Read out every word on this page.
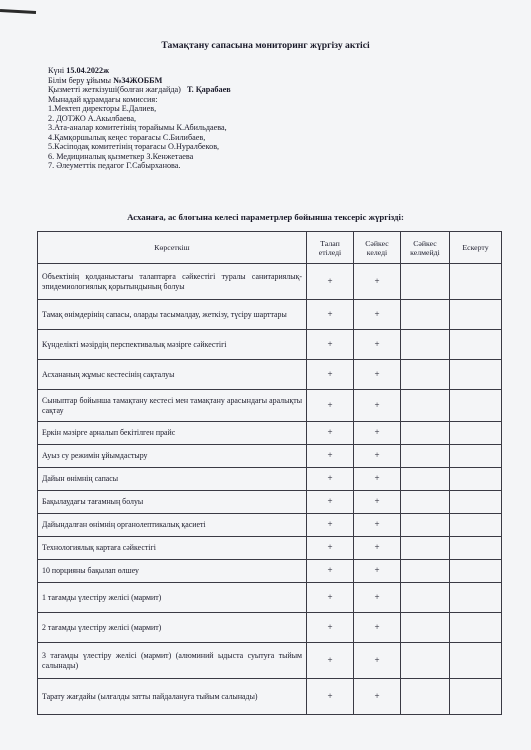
Тамақтану сапасына мониторинг жүргізу актісі
Күні 15.04.2022ж
Білім беру ұйымы №34ЖОББМ
Қызметті жеткізуші(болған жағдайда) Т. Қарабаев
Мынадай құрамдағы комиссия:
1.Мектеп директоры Е.Далиев,
2. ДОТЖО А.Акылбаева,
3.Ата-аналар комитетінің төрайымы К.Абильдаева,
4.Қамқоршылық кеңес төрағасы С.Билибаев,
5.Кәсіподақ комитетінің төрағасы О.Нуралбеков,
6. Медициналық қызметкер З.Кенжетаева
7. Әлеуметтік педагог Г.Сабырханова.
Асханаға, ас блогына келесі параметрлер бойынша тексеріс жүргізді:
Көрсеткіш	Талап етіледі	Сәйкес келеді	Сәйкес келмейді	Ескерту
Объектінің қолданыстағы талаптарға сәйкестігі туралы санитариялық-эпидемиологиялық қорытындының болуы	+	+		
Тамақ өнімдерінің сапасы, оларды тасымалдау, жеткізу, түсіру шарттары	+	+		
Күнделікті мәзірдің перспективалық мәзірге сәйкестігі	+	+		
Асхананың жұмыс кестесінің сақталуы	+	+		
Сыныптар бойынша тамақтану кестесі мен тамақтану арасындағы аралықты сақтау	+	+		
Еркін мәзірге арналып бекітілген прайс	+	+		
Ауыз су режимін ұйымдастыру	+	+		
Дайын өнімнің сапасы	+	+		
Бақылаудағы тағамның болуы	+	+		
Дайындалған өнімнің органолептикалық қасиеті	+	+		
Технологиялық картаға сәйкестігі	+	+		
10 порцияны бақылап өлшеу	+	+		
1 тағамды үлестіру желісі (мармит)	+	+		
2 тағамды үлестіру желісі (мармит)	+	+		
3 тағамды үлестіру желісі (мармит) (алюминий ыдыста суытуға тыйым салынады)	+	+		
Тарату жағдайы (ылғалды затты пайдалануға тыйым салынады)	+	+		
